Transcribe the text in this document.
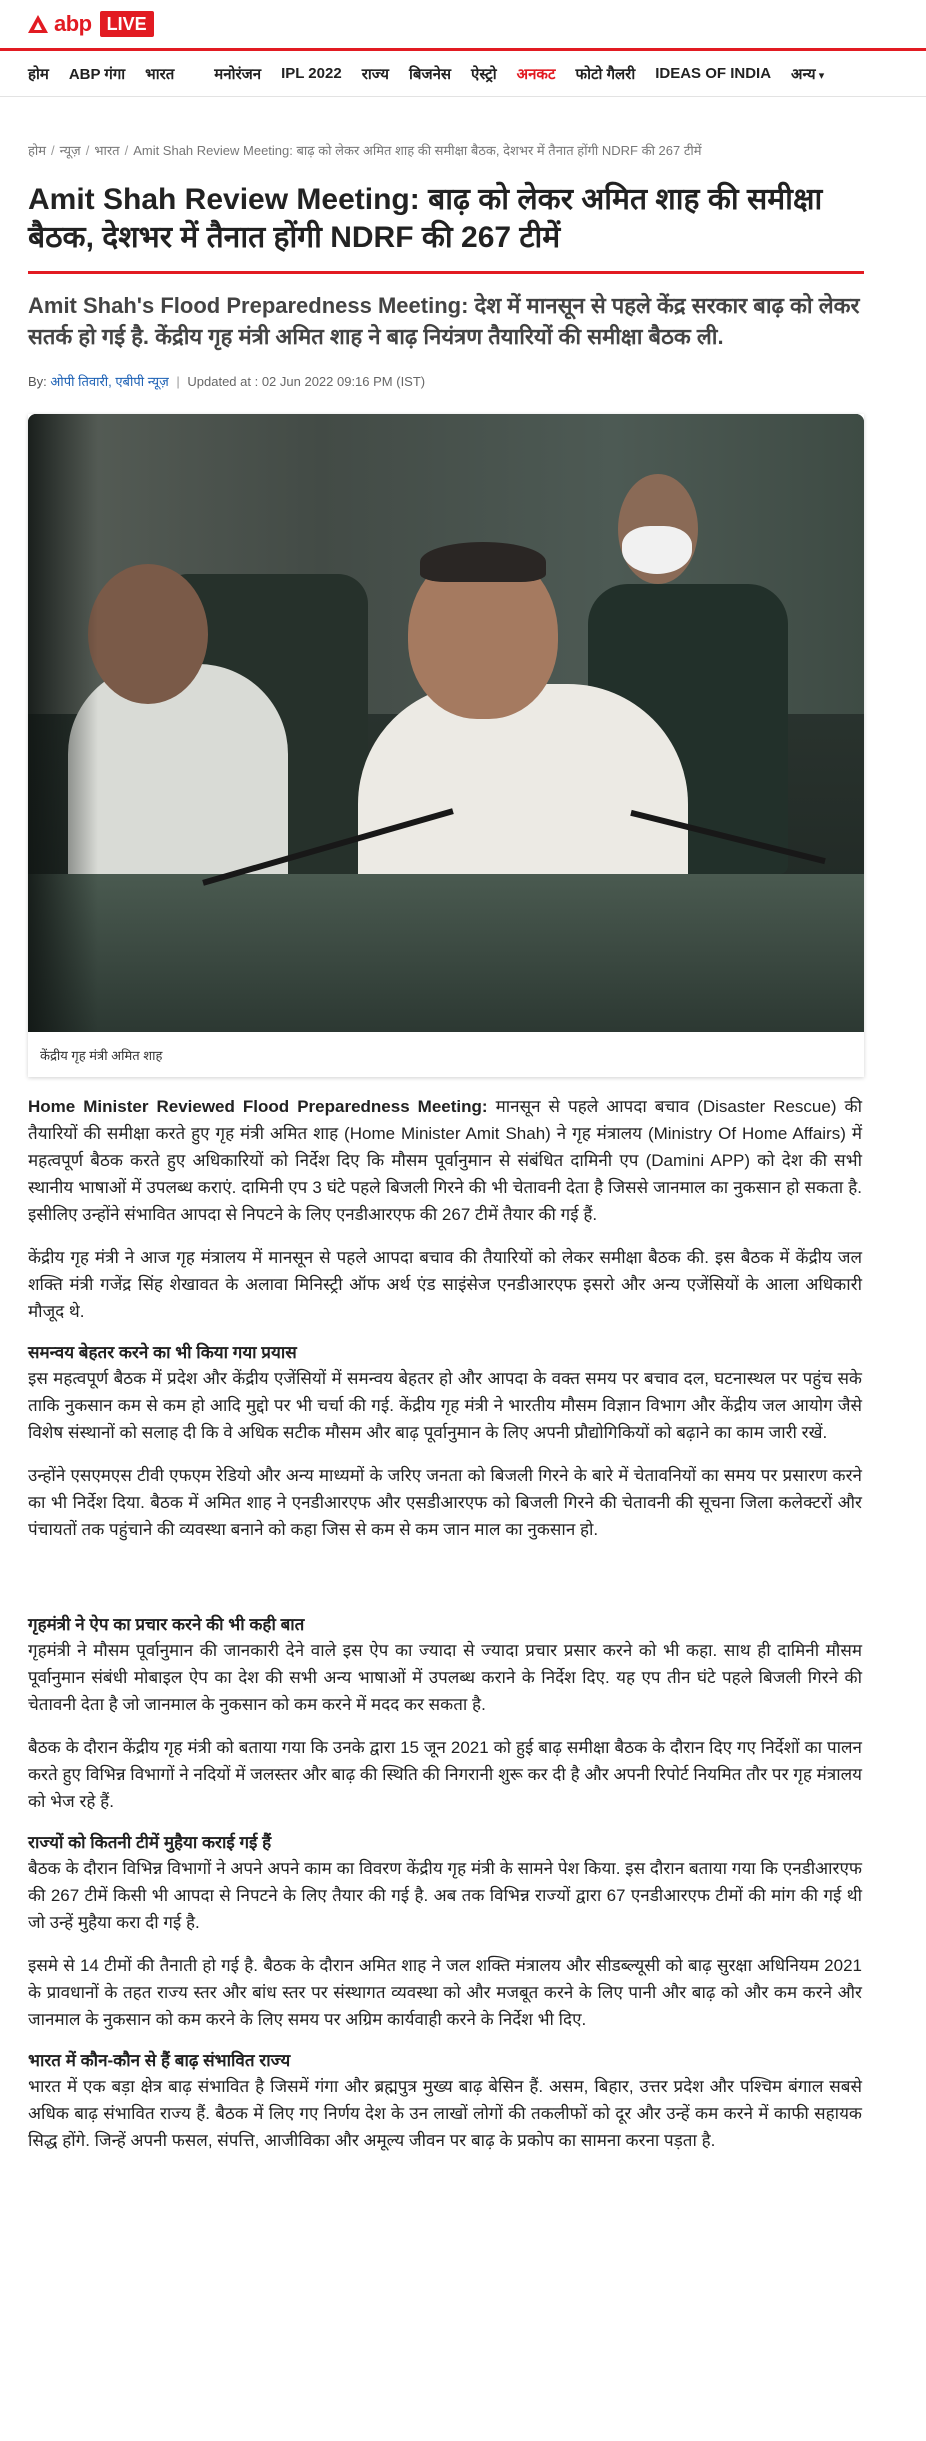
abp LIVE
होम ABP गंगा भारत	मनोरंजन IPL 2022 राज्य बिजनेस ऐस्ट्रो अनकट फोटो गैलरी IDEAS OF INDIA अन्य ▾
होम / न्यूज़ / भारत / Amit Shah Review Meeting: बाढ़ को लेकर अमित शाह की समीक्षा बैठक, देशभर में तैनात होंगी NDRF की 267 टीमें
Amit Shah Review Meeting: बाढ़ को लेकर अमित शाह की समीक्षा बैठक, देशभर में तैनात होंगी NDRF की 267 टीमें
Amit Shah's Flood Preparedness Meeting: देश में मानसून से पहले केंद्र सरकार बाढ़ को लेकर सतर्क हो गई है. केंद्रीय गृह मंत्री अमित शाह ने बाढ़ नियंत्रण तैयारियों की समीक्षा बैठक ली.
By: ओपी तिवारी, एबीपी न्यूज़ | Updated at : 02 Jun 2022 09:16 PM (IST)
केंद्रीय गृह मंत्री अमित शाह

Home Minister Reviewed Flood Preparedness Meeting: मानसून से पहले आपदा बचाव (Disaster Rescue) की तैयारियों की समीक्षा करते हुए गृह मंत्री अमित शाह (Home Minister Amit Shah) ने गृह मंत्रालय (Ministry Of Home Affairs) में महत्वपूर्ण बैठक करते हुए अधिकारियों को निर्देश दिए कि मौसम पूर्वानुमान से संबंधित दामिनी एप (Damini APP) को देश की सभी स्थानीय भाषाओं में उपलब्ध कराएं. दामिनी एप 3 घंटे पहले बिजली गिरने की भी चेतावनी देता है जिससे जानमाल का नुकसान हो सकता है. इसीलिए उन्होंने संभावित आपदा से निपटने के लिए एनडीआरएफ की 267 टीमें तैयार की गई हैं.

केंद्रीय गृह मंत्री ने आज गृह मंत्रालय में मानसून से पहले आपदा बचाव की तैयारियों को लेकर समीक्षा बैठक की. इस बैठक में केंद्रीय जल शक्ति मंत्री गजेंद्र सिंह शेखावत के अलावा मिनिस्ट्री ऑफ अर्थ एंड साइंसेज एनडीआरएफ इसरो और अन्य एजेंसियों के आला अधिकारी मौजूद थे.

समन्वय बेहतर करने का भी किया गया प्रयास

इस महत्वपूर्ण बैठक में प्रदेश और केंद्रीय एजेंसियों में समन्वय बेहतर हो और आपदा के वक्त समय पर बचाव दल, घटनास्थल पर पहुंच सके ताकि नुकसान कम से कम हो आदि मुद्दो पर भी चर्चा की गई. केंद्रीय गृह मंत्री ने भारतीय मौसम विज्ञान विभाग और केंद्रीय जल आयोग जैसे विशेष संस्थानों को सलाह दी कि वे अधिक सटीक मौसम और बाढ़ पूर्वानुमान के लिए अपनी प्रौद्योगिकियों को बढ़ाने का काम जारी रखें.

उन्होंने एसएमएस टीवी एफएम रेडियो और अन्य माध्यमों के जरिए जनता को बिजली गिरने के बारे में चेतावनियों का समय पर प्रसारण करने का भी निर्देश दिया. बैठक में अमित शाह ने एनडीआरएफ और एसडीआरएफ को बिजली गिरने की चेतावनी की सूचना जिला कलेक्टरों और पंचायतों तक पहुंचाने की व्यवस्था बनाने को कहा जिस से कम से कम जान माल का नुकसान हो.

गृहमंत्री ने ऐप का प्रचार करने की भी कही बात

गृहमंत्री ने मौसम पूर्वानुमान की जानकारी देने वाले इस ऐप का ज्यादा से ज्यादा प्रचार प्रसार करने को भी कहा. साथ ही दामिनी मौसम पूर्वानुमान संबंधी मोबाइल ऐप का देश की सभी अन्य भाषाओं में उपलब्ध कराने के निर्देश दिए. यह एप तीन घंटे पहले बिजली गिरने की चेतावनी देता है जो जानमाल के नुकसान को कम करने में मदद कर सकता है.

बैठक के दौरान केंद्रीय गृह मंत्री को बताया गया कि उनके द्वारा 15 जून 2021 को हुई बाढ़ समीक्षा बैठक के दौरान दिए गए निर्देशों का पालन करते हुए विभिन्न विभागों ने नदियों में जलस्तर और बाढ़ की स्थिति की निगरानी शुरू कर दी है और अपनी रिपोर्ट नियमित तौर पर गृह मंत्रालय को भेज रहे हैं.

राज्यों को कितनी टीमें मुहैया कराई गई हैं

बैठक के दौरान विभिन्न विभागों ने अपने अपने काम का विवरण केंद्रीय गृह मंत्री के सामने पेश किया. इस दौरान बताया गया कि एनडीआरएफ की 267 टीमें किसी भी आपदा से निपटने के लिए तैयार की गई है. अब तक विभिन्न राज्यों द्वारा 67 एनडीआरएफ टीमों की मांग की गई थी जो उन्हें मुहैया करा दी गई है.

इसमे से 14 टीमों की तैनाती हो गई है. बैठक के दौरान अमित शाह ने जल शक्ति मंत्रालय और सीडब्ल्यूसी को बाढ़ सुरक्षा अधिनियम 2021 के प्रावधानों के तहत राज्य स्तर और बांध स्तर पर संस्थागत व्यवस्था को और मजबूत करने के लिए पानी और बाढ़ को और कम करने और जानमाल के नुकसान को कम करने के लिए समय पर अग्रिम कार्यवाही करने के निर्देश भी दिए.

भारत में कौन-कौन से हैं बाढ़ संभावित राज्य

भारत में एक बड़ा क्षेत्र बाढ़ संभावित है जिसमें गंगा और ब्रह्मपुत्र मुख्य बाढ़ बेसिन हैं. असम, बिहार, उत्तर प्रदेश और पश्चिम बंगाल सबसे अधिक बाढ़ संभावित राज्य हैं. बैठक में लिए गए निर्णय देश के उन लाखों लोगों की तकलीफों को दूर और उन्हें कम करने में काफी सहायक सिद्ध होंगे. जिन्हें अपनी फसल, संपत्ति, आजीविका और अमूल्य जीवन पर बाढ़ के प्रकोप का सामना करना पड़ता है.
